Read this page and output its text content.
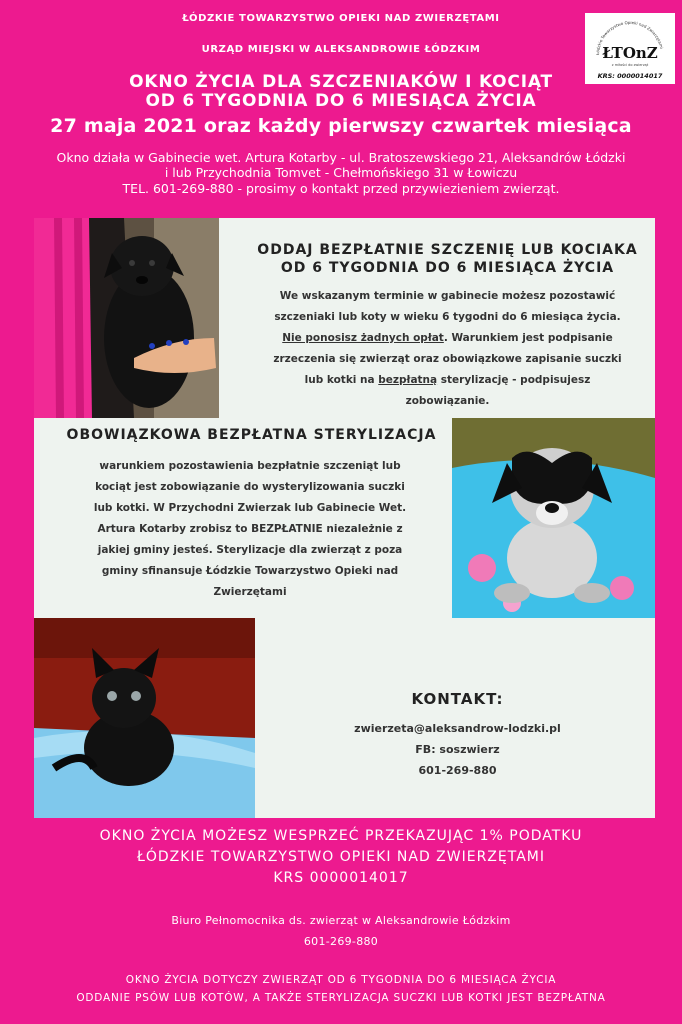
ŁÓDZKIE TOWARZYSTWO OPIEKI NAD ZWIERZĘTAMI
URZĄD MIEJSKI W ALEKSANDROWIE ŁÓDZKIM
OKNO ŻYCIA DLA SZCZENIAKÓW I KOCIĄT
OD 6 TYGODNIA DO 6 MIESIĄCA ŻYCIA
27 maja 2021 oraz każdy pierwszy czwartek miesiąca
Okno działa w Gabinecie wet. Artura Kotarby - ul. Bratoszewskiego 21, Aleksandrów Łódzki
i lub Przychodnia Tomvet - Chełmońskiego 31 w Łowiczu
TEL. 601-269-880 - prosimy o kontakt przed przywiezieniem zwierząt.
Łódzkie Towarzystwo Opieki nad Zwierzętami
ŁTOnZ
z miłości do zwierząt
KRS: 0000014017
ODDAJ BEZPŁATNIE SZCZENIĘ LUB KOCIAKA
OD 6 TYGODNIA DO 6 MIESIĄCA ŻYCIA
We wskazanym terminie w gabinecie możesz pozostawić
szczeniaki lub koty w wieku 6 tygodni do 6 miesiąca życia.
Nie ponosisz żadnych opłat. Warunkiem jest podpisanie
zrzeczenia się zwierząt oraz obowiązkowe zapisanie suczki
lub kotki na bezpłatną sterylizację - podpisujesz
zobowiązanie.
OBOWIĄZKOWA BEZPŁATNA STERYLIZACJA
warunkiem pozostawienia bezpłatnie szczeniąt lub
kociąt jest zobowiązanie do wysterylizowania suczki
lub kotki. W Przychodni Zwierzak lub Gabinecie Wet.
Artura Kotarby zrobisz to BEZPŁATNIE niezależnie z
jakiej gminy jesteś. Sterylizacje dla zwierząt z poza
gminy sfinansuje Łódzkie Towarzystwo Opieki nad
Zwierzętami
KONTAKT:
zwierzeta@aleksandrow-lodzki.pl
FB: soszwierz
601-269-880
OKNO ŻYCIA MOŻESZ WESPRZEĆ PRZEKAZUJĄC 1% PODATKU
ŁÓDZKIE TOWARZYSTWO OPIEKI NAD ZWIERZĘTAMI
KRS 0000014017
Biuro Pełnomocnika ds. zwierząt w Aleksandrowie Łódzkim
601-269-880
OKNO ŻYCIA DOTYCZY ZWIERZĄT OD 6 TYGODNIA DO 6 MIESIĄCA ŻYCIA
ODDANIE PSÓW LUB KOTÓW, A TAKŻE STERYLIZACJA SUCZKI LUB KOTKI JEST BEZPŁATNA
